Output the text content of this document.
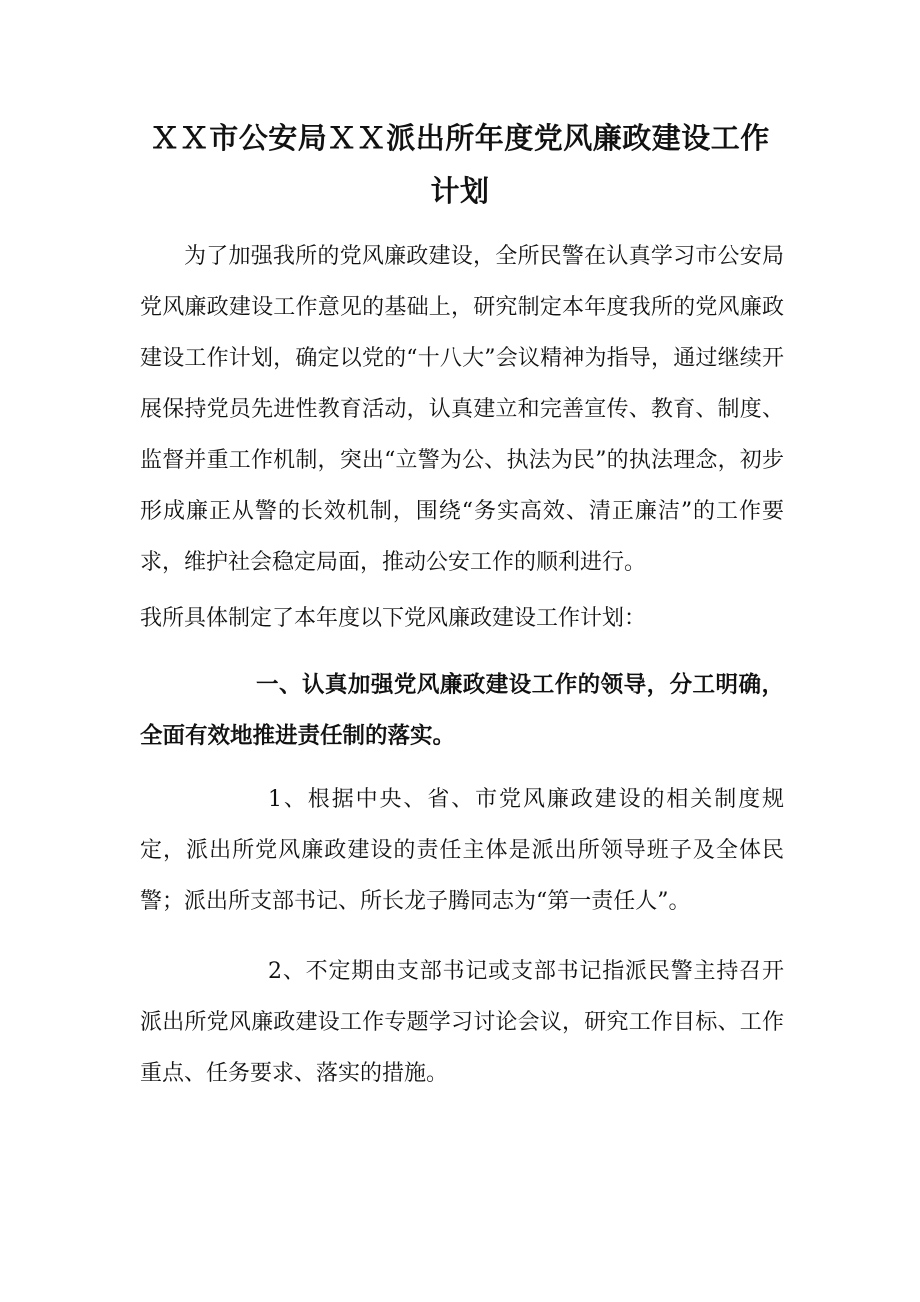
ＸＸ市公安局ＸＸ派出所年度党风廉政建设工作计划

为了加强我所的党风廉政建设，全所民警在认真学习市公安局党风廉政建设工作意见的基础上，研究制定本年度我所的党风廉政建设工作计划，确定以党的“十八大”会议精神为指导，通过继续开展保持党员先进性教育活动，认真建立和完善宣传、教育、制度、监督并重工作机制，突出“立警为公、执法为民”的执法理念，初步形成廉正从警的长效机制，围绕“务实高效、清正廉洁”的工作要求，维护社会稳定局面，推动公安工作的顺利进行。

我所具体制定了本年度以下党风廉政建设工作计划：

一、认真加强党风廉政建设工作的领导，分工明确，全面有效地推进责任制的落实。

1、根据中央、省、市党风廉政建设的相关制度规定，派出所党风廉政建设的责任主体是派出所领导班子及全体民警；派出所支部书记、所长龙子腾同志为“第一责任人”。

2、不定期由支部书记或支部书记指派民警主持召开派出所党风廉政建设工作专题学习讨论会议，研究工作目标、工作重点、任务要求、落实的措施。
